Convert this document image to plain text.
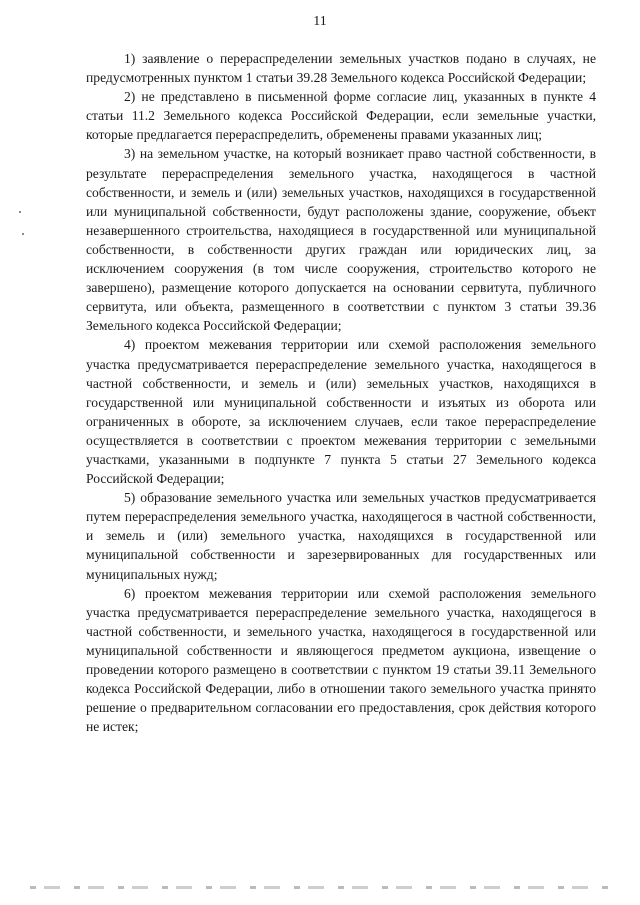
11

1) заявление о перераспределении земельных участков подано в случаях, не предусмотренных пунктом 1 статьи 39.28 Земельного кодекса Российской Федерации;

2) не представлено в письменной форме согласие лиц, указанных в пункте 4 статьи 11.2 Земельного кодекса Российской Федерации, если земельные участки, которые предлагается перераспределить, обременены правами указанных лиц;

3) на земельном участке, на который возникает право частной собственности, в результате перераспределения земельного участка, находящегося в частной собственности, и земель и (или) земельных участков, находящихся в государственной или муниципальной собственности, будут расположены здание, сооружение, объект незавершенного строительства, находящиеся в государственной или муниципальной собственности, в собственности других граждан или юридических лиц, за исключением сооружения (в том числе сооружения, строительство которого не завершено), размещение которого допускается на основании сервитута, публичного сервитута, или объекта, размещенного в соответствии с пунктом 3 статьи 39.36 Земельного кодекса Российской Федерации;

4) проектом межевания территории или схемой расположения земельного участка предусматривается перераспределение земельного участка, находящегося в частной собственности, и земель и (или) земельных участков, находящихся в государственной или муниципальной собственности и изъятых из оборота или ограниченных в обороте, за исключением случаев, если такое перераспределение осуществляется в соответствии с проектом межевания территории с земельными участками, указанными в подпункте 7 пункта 5 статьи 27 Земельного кодекса Российской Федерации;

5) образование земельного участка или земельных участков предусматривается путем перераспределения земельного участка, находящегося в частной собственности, и земель и (или) земельного участка, находящихся в государственной или муниципальной собственности и зарезервированных для государственных или муниципальных нужд;

6) проектом межевания территории или схемой расположения земельного участка предусматривается перераспределение земельного участка, находящегося в частной собственности, и земельного участка, находящегося в государственной или муниципальной собственности и являющегося предметом аукциона, извещение о проведении которого размещено в соответствии с пунктом 19 статьи 39.11 Земельного кодекса Российской Федерации, либо в отношении такого земельного участка принято решение о предварительном согласовании его предоставления, срок действия которого не истек;
